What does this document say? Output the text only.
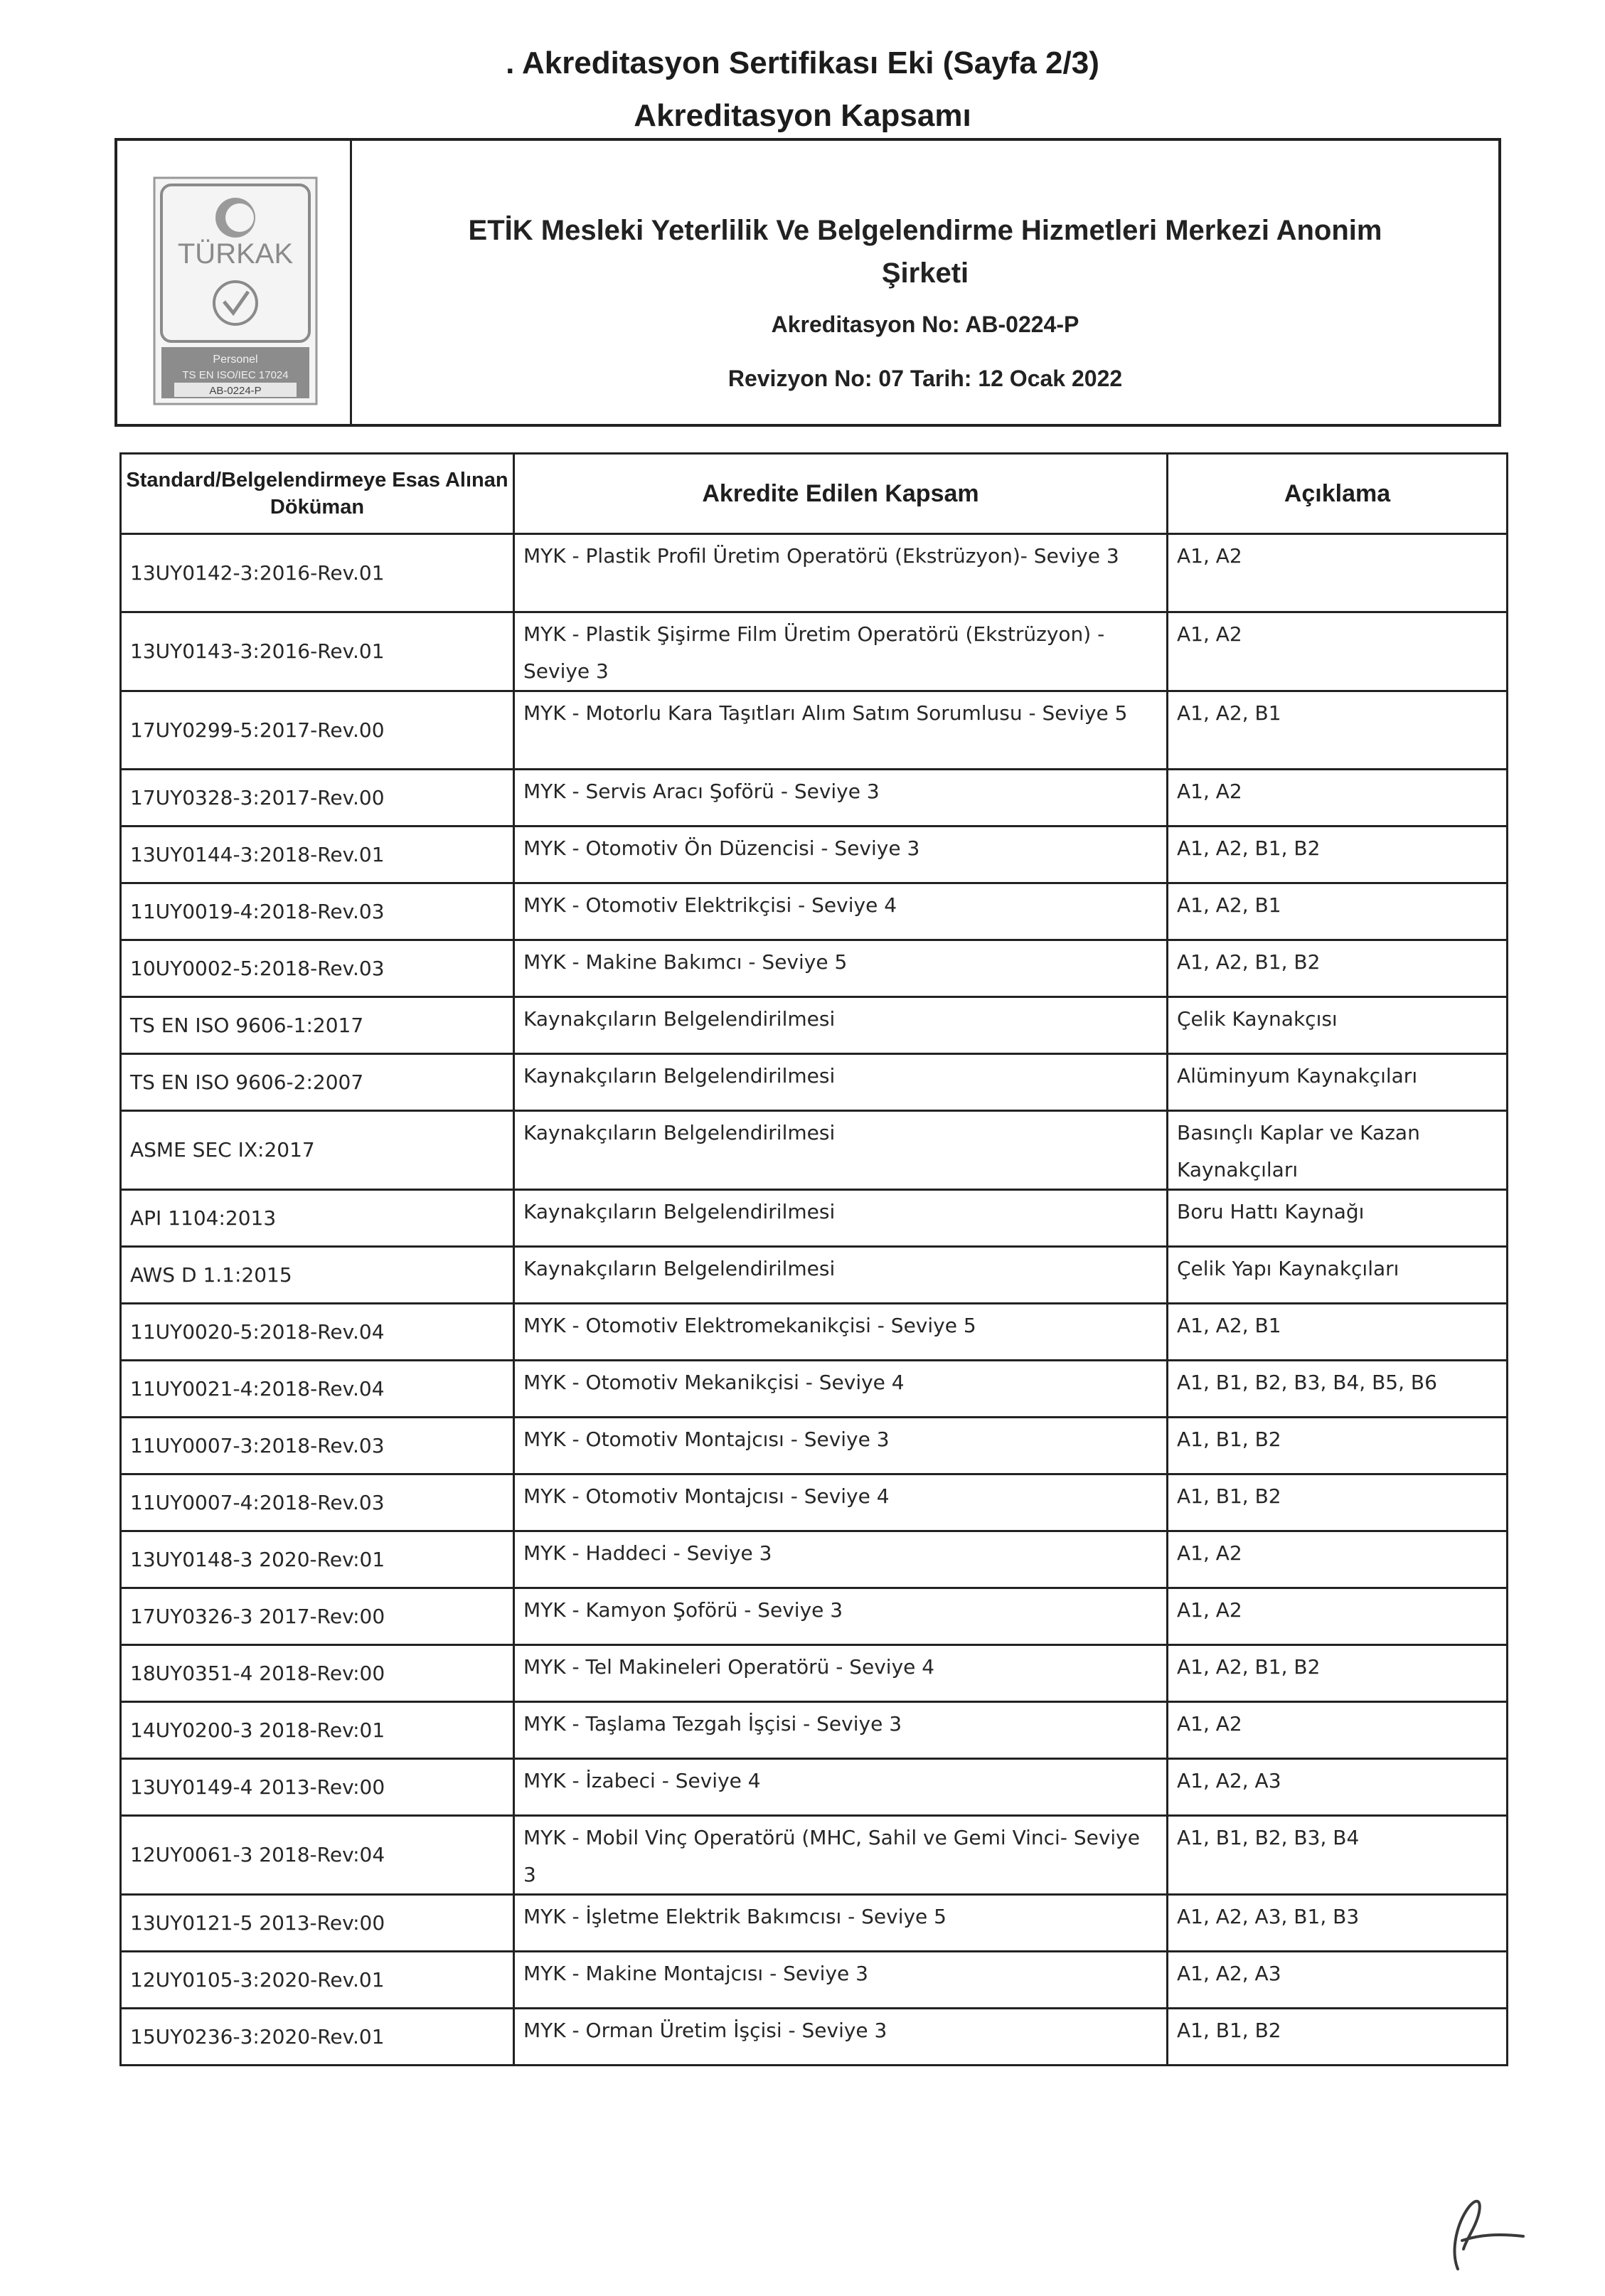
. Akreditasyon Sertifikası Eki (Sayfa 2/3)
Akreditasyon Kapsamı
TÜRKAK
Personel
TS EN ISO/IEC 17024
AB-0224-P
ETİK Mesleki Yeterlilik Ve Belgelendirme Hizmetleri Merkezi Anonim
Şirketi
Akreditasyon No: AB-0224-P
Revizyon No: 07 Tarih: 12 Ocak 2022
Standard/Belgelendirmeye Esas Alınan Döküman	Akredite Edilen Kapsam	Açıklama
13UY0142-3:2016-Rev.01	MYK - Plastik Profil Üretim Operatörü (Ekstrüzyon)- Seviye 3	A1, A2
13UY0143-3:2016-Rev.01	MYK - Plastik Şişirme Film Üretim Operatörü (Ekstrüzyon) - Seviye 3	A1, A2
17UY0299-5:2017-Rev.00	MYK - Motorlu Kara Taşıtları Alım Satım Sorumlusu - Seviye 5	A1, A2, B1
17UY0328-3:2017-Rev.00	MYK - Servis Aracı Şoförü - Seviye 3	A1, A2
13UY0144-3:2018-Rev.01	MYK - Otomotiv Ön Düzencisi - Seviye 3	A1, A2, B1, B2
11UY0019-4:2018-Rev.03	MYK - Otomotiv Elektrikçisi - Seviye 4	A1, A2, B1
10UY0002-5:2018-Rev.03	MYK - Makine Bakımcı - Seviye 5	A1, A2, B1, B2
TS EN ISO 9606-1:2017	Kaynakçıların Belgelendirilmesi	Çelik Kaynakçısı
TS EN ISO 9606-2:2007	Kaynakçıların Belgelendirilmesi	Alüminyum Kaynakçıları
ASME SEC IX:2017	Kaynakçıların Belgelendirilmesi	Basınçlı Kaplar ve Kazan Kaynakçıları
API 1104:2013	Kaynakçıların Belgelendirilmesi	Boru Hattı Kaynağı
AWS D 1.1:2015	Kaynakçıların Belgelendirilmesi	Çelik Yapı Kaynakçıları
11UY0020-5:2018-Rev.04	MYK - Otomotiv Elektromekanikçisi - Seviye 5	A1, A2, B1
11UY0021-4:2018-Rev.04	MYK - Otomotiv Mekanikçisi - Seviye 4	A1, B1, B2, B3, B4, B5, B6
11UY0007-3:2018-Rev.03	MYK - Otomotiv Montajcısı - Seviye 3	A1, B1, B2
11UY0007-4:2018-Rev.03	MYK - Otomotiv Montajcısı - Seviye 4	A1, B1, B2
13UY0148-3 2020-Rev:01	MYK - Haddeci - Seviye 3	A1, A2
17UY0326-3 2017-Rev:00	MYK - Kamyon Şoförü - Seviye 3	A1, A2
18UY0351-4 2018-Rev:00	MYK - Tel Makineleri Operatörü - Seviye 4	A1, A2, B1, B2
14UY0200-3 2018-Rev:01	MYK - Taşlama Tezgah İşçisi - Seviye 3	A1, A2
13UY0149-4 2013-Rev:00	MYK - İzabeci - Seviye 4	A1, A2, A3
12UY0061-3 2018-Rev:04	MYK - Mobil Vinç Operatörü (MHC, Sahil ve Gemi Vinci- Seviye 3	A1, B1, B2, B3, B4
13UY0121-5 2013-Rev:00	MYK - İşletme Elektrik Bakımcısı - Seviye 5	A1, A2, A3, B1, B3
12UY0105-3:2020-Rev.01	MYK - Makine Montajcısı - Seviye 3	A1, A2, A3
15UY0236-3:2020-Rev.01	MYK - Orman Üretim İşçisi - Seviye 3	A1, B1, B2
